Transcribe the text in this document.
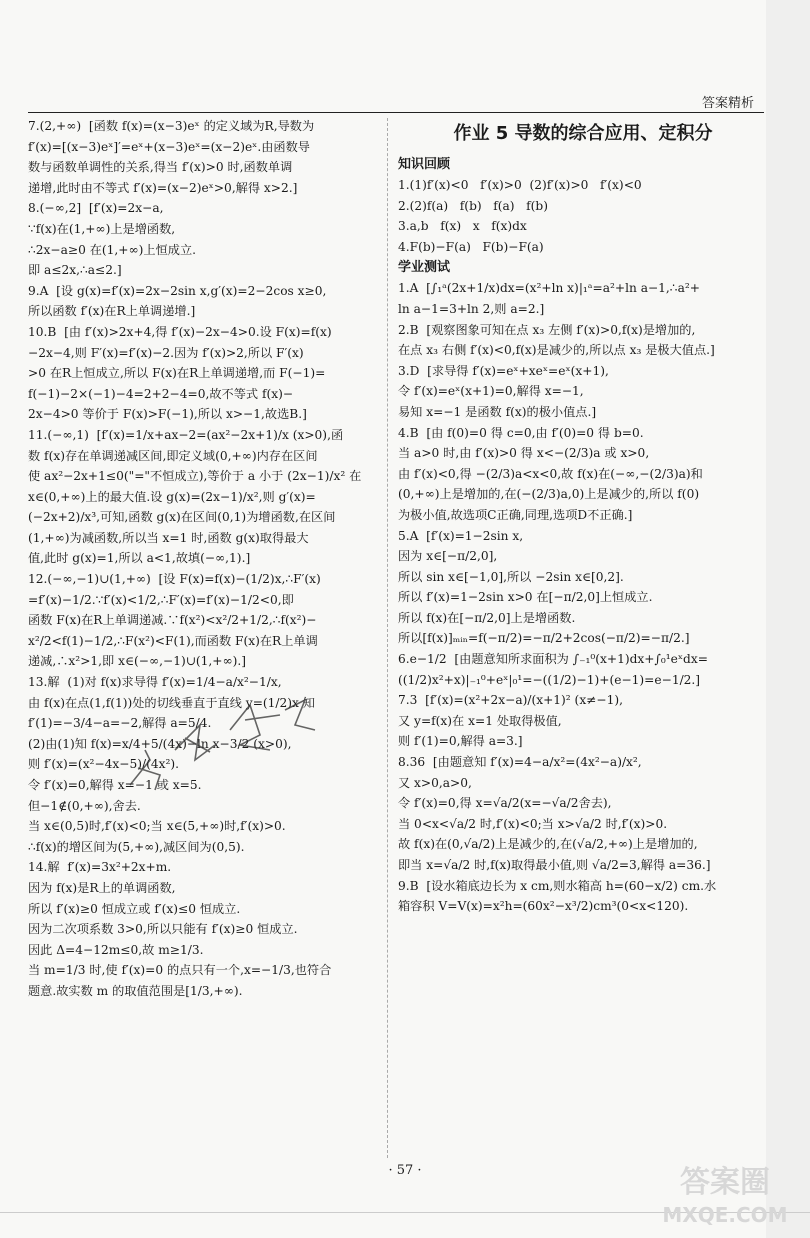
答案精析
7.(2,+∞)  [函数 f(x)=(x−3)eˣ 的定义域为R,导数为
f′(x)=[(x−3)eˣ]′=eˣ+(x−3)eˣ=(x−2)eˣ.由函数导
数与函数单调性的关系,得当 f′(x)>0 时,函数单调
递增,此时由不等式 f′(x)=(x−2)eˣ>0,解得 x>2.]
8.(−∞,2]  [f′(x)=2x−a,
∵f(x)在(1,+∞)上是增函数,
∴2x−a≥0 在(1,+∞)上恒成立.
即 a≤2x,∴a≤2.]
9.A  [设 g(x)=f′(x)=2x−2sin x,g′(x)=2−2cos x≥0,
所以函数 f′(x)在R上单调递增.]
10.B  [由 f′(x)>2x+4,得 f′(x)−2x−4>0.设 F(x)=f(x)
−2x−4,则 F′(x)=f′(x)−2.因为 f′(x)>2,所以 F′(x)
>0 在R上恒成立,所以 F(x)在R上单调递增,而 F(−1)=
f(−1)−2×(−1)−4=2+2−4=0,故不等式 f(x)−
2x−4>0 等价于 F(x)>F(−1),所以 x>−1,故选B.]
11.(−∞,1)  [f′(x)=1/x+ax−2=(ax²−2x+1)/x (x>0),函
数 f(x)存在单调递减区间,即定义域(0,+∞)内存在区间
使 ax²−2x+1≤0("="不恒成立),等价于 a 小于 (2x−1)/x² 在
x∈(0,+∞)上的最大值.设 g(x)=(2x−1)/x²,则 g′(x)=
(−2x+2)/x³,可知,函数 g(x)在区间(0,1)为增函数,在区间
(1,+∞)为减函数,所以当 x=1 时,函数 g(x)取得最大
值,此时 g(x)=1,所以 a<1,故填(−∞,1).]
12.(−∞,−1)∪(1,+∞)  [设 F(x)=f(x)−(1/2)x,∴F′(x)
=f′(x)−1/2.∵f′(x)<1/2,∴F′(x)=f′(x)−1/2<0,即
函数 F(x)在R上单调递减.∵f(x²)<x²/2+1/2,∴f(x²)−
x²/2<f(1)−1/2,∴F(x²)<F(1),而函数 F(x)在R上单调
递减,∴x²>1,即 x∈(−∞,−1)∪(1,+∞).]
13.解  (1)对 f(x)求导得 f′(x)=1/4−a/x²−1/x,
由 f(x)在点(1,f(1))处的切线垂直于直线 y=(1/2)x 知
f′(1)=−3/4−a=−2,解得 a=5/4.
(2)由(1)知 f(x)=x/4+5/(4x)−ln x−3/2 (x>0),
则 f′(x)=(x²−4x−5)/(4x²).
令 f′(x)=0,解得 x=−1 或 x=5.
但−1∉(0,+∞),舍去.
当 x∈(0,5)时,f′(x)<0;当 x∈(5,+∞)时,f′(x)>0.
∴f(x)的增区间为(5,+∞),减区间为(0,5).
14.解  f′(x)=3x²+2x+m.
因为 f(x)是R上的单调函数,
所以 f′(x)≥0 恒成立或 f′(x)≤0 恒成立.
因为二次项系数 3>0,所以只能有 f′(x)≥0 恒成立.
因此 Δ=4−12m≤0,故 m≥1/3.
当 m=1/3 时,使 f′(x)=0 的点只有一个,x=−1/3,也符合
题意.故实数 m 的取值范围是[1/3,+∞).
作业 5 导数的综合应用、定积分
知识回顾
1.(1)f′(x)<0   f′(x)>0  (2)f′(x)>0   f′(x)<0
2.(2)f(a)   f(b)   f(a)   f(b)
3.a,b   f(x)   x   f(x)dx
4.F(b)−F(a)   F(b)−F(a)
学业测试
1.A  [∫₁ᵃ(2x+1/x)dx=(x²+ln x)|₁ᵃ=a²+ln a−1,∴a²+
ln a−1=3+ln 2,则 a=2.]
2.B  [观察图象可知在点 x₃ 左侧 f′(x)>0,f(x)是增加的,
在点 x₃ 右侧 f′(x)<0,f(x)是减少的,所以点 x₃ 是极大值点.]
3.D  [求导得 f′(x)=eˣ+xeˣ=eˣ(x+1),
令 f′(x)=eˣ(x+1)=0,解得 x=−1,
易知 x=−1 是函数 f(x)的极小值点.]
4.B  [由 f(0)=0 得 c=0,由 f′(0)=0 得 b=0.
当 a>0 时,由 f′(x)>0 得 x<−(2/3)a 或 x>0,
由 f′(x)<0,得 −(2/3)a<x<0,故 f(x)在(−∞,−(2/3)a)和
(0,+∞)上是增加的,在(−(2/3)a,0)上是减少的,所以 f(0)
为极小值,故选项C正确,同理,选项D不正确.]
5.A  [f′(x)=1−2sin x,
因为 x∈[−π/2,0],
所以 sin x∈[−1,0],所以 −2sin x∈[0,2].
所以 f′(x)=1−2sin x>0 在[−π/2,0]上恒成立.
所以 f(x)在[−π/2,0]上是增函数.
所以[f(x)]ₘᵢₙ=f(−π/2)=−π/2+2cos(−π/2)=−π/2.]
6.e−1/2  [由题意知所求面积为 ∫₋₁⁰(x+1)dx+∫₀¹eˣdx=
((1/2)x²+x)|₋₁⁰+eˣ|₀¹=−((1/2)−1)+(e−1)=e−1/2.]
7.3  [f′(x)=(x²+2x−a)/(x+1)² (x≠−1),
又 y=f(x)在 x=1 处取得极值,
则 f′(1)=0,解得 a=3.]
8.36  [由题意知 f′(x)=4−a/x²=(4x²−a)/x²,
又 x>0,a>0,
令 f′(x)=0,得 x=√a/2(x=−√a/2舍去),
当 0<x<√a/2 时,f′(x)<0;当 x>√a/2 时,f′(x)>0.
故 f(x)在(0,√a/2)上是减少的,在(√a/2,+∞)上是增加的,
即当 x=√a/2 时,f(x)取得最小值,则 √a/2=3,解得 a=36.]
9.B  [设水箱底边长为 x cm,则水箱高 h=(60−x/2) cm.水
箱容积 V=V(x)=x²h=(60x²−x³/2)cm³(0<x<120).
· 57 ·	答案圈
MXQE.COM
